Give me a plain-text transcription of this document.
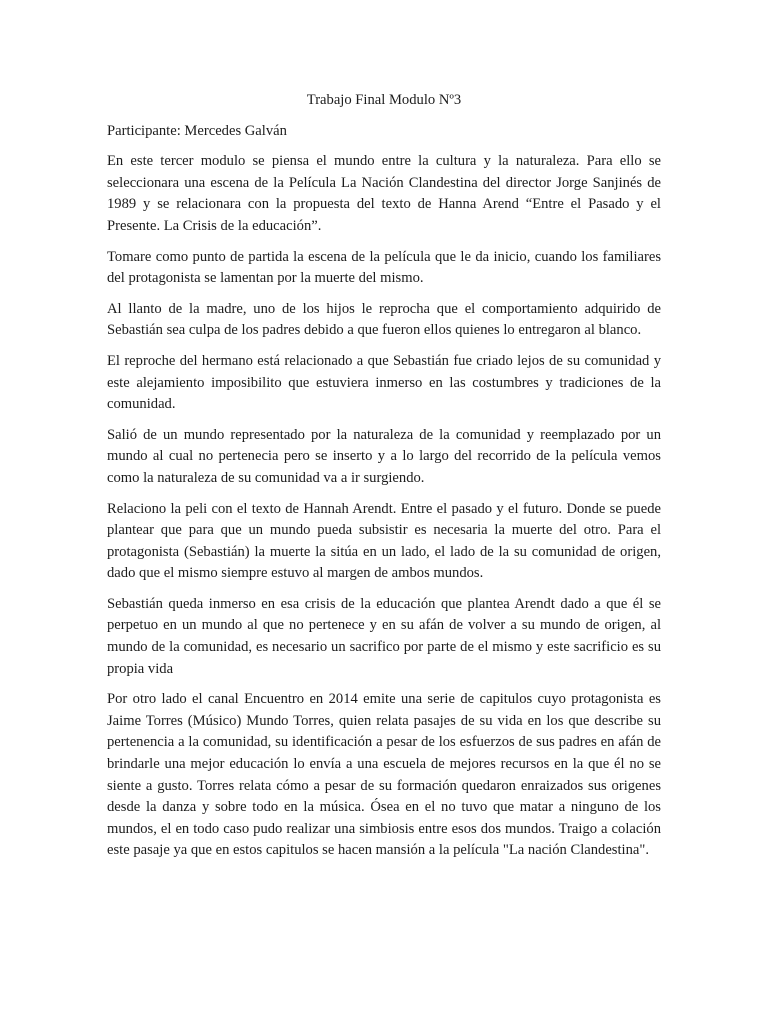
Trabajo Final Modulo Nº3
Participante: Mercedes Galván

En este tercer modulo se piensa el mundo entre la cultura y la naturaleza. Para ello se seleccionara una escena de la Película La Nación Clandestina del director Jorge Sanjinés de 1989 y se relacionara con la propuesta del texto de Hanna Arend “Entre el Pasado y el Presente. La Crisis de la educación”.

Tomare como punto de partida la escena de la película que le da inicio, cuando los familiares del protagonista se lamentan por la muerte del mismo.

Al llanto de la madre, uno de los hijos le reprocha que el comportamiento adquirido de Sebastián sea culpa de los padres debido a que fueron ellos quienes lo entregaron al blanco.

El reproche del hermano está relacionado a que Sebastián fue criado lejos de su comunidad y este alejamiento imposibilito que estuviera inmerso en las costumbres y tradiciones de la comunidad.

Salió de un mundo representado por la naturaleza de la comunidad y reemplazado por un mundo al cual no pertenecia pero se inserto y a lo largo del recorrido de la película vemos como la naturaleza de su comunidad va a ir surgiendo.

Relaciono la peli con el texto de Hannah Arendt. Entre el pasado y el futuro. Donde se puede plantear que para que un mundo pueda subsistir es necesaria la muerte del otro. Para el protagonista (Sebastián) la muerte la sitúa en un lado, el lado de la su comunidad de origen, dado que el mismo siempre estuvo al margen de ambos mundos.

Sebastián queda inmerso en esa crisis de la educación que plantea Arendt dado a que él se perpetuo en un mundo al que no pertenece y en su afán de volver a su mundo de origen, al mundo de la comunidad, es necesario un sacrifico por parte de el mismo y este sacrificio es su propia vida

Por otro lado el canal Encuentro en 2014 emite una serie de capitulos cuyo protagonista es Jaime Torres (Músico) Mundo Torres, quien relata pasajes de su vida en los que describe su pertenencia a la comunidad, su identificación a pesar de los esfuerzos de sus padres en afán de brindarle una mejor educación lo envía a una escuela de mejores recursos en la que él no se siente a gusto. Torres relata cómo a pesar de su formación quedaron enraizados sus origenes desde la danza y sobre todo en la música. Ósea en el no tuvo que matar a ninguno de los mundos, el en todo caso pudo realizar una simbiosis entre esos dos mundos. Traigo a colación este pasaje ya que en estos capitulos se hacen mansión a la película "La nación Clandestina".
